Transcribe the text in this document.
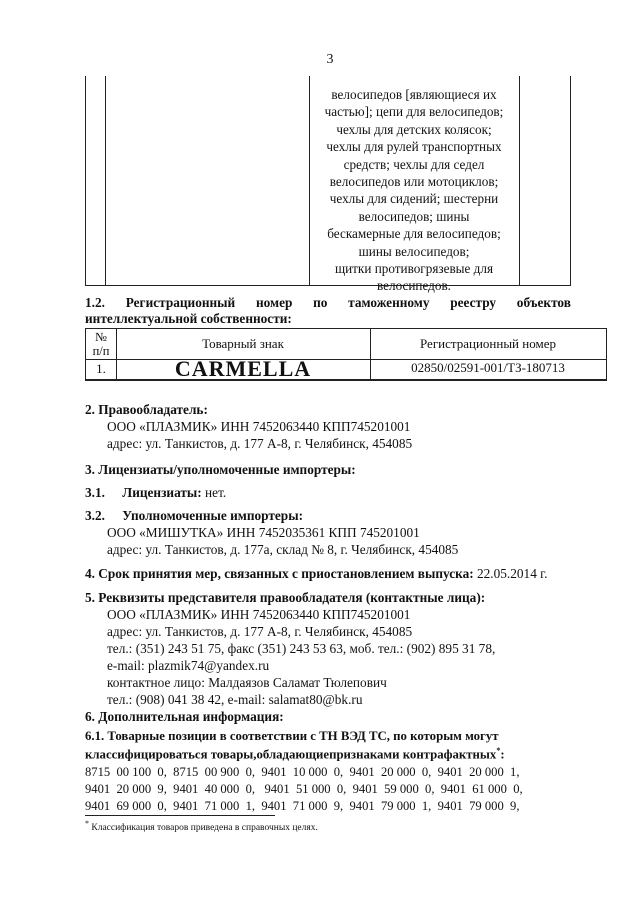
3
велосипедов [являющиеся их
частью]; цепи для велосипедов;
чехлы для детских колясок;
чехлы для рулей транспортных
средств; чехлы для седел
велосипедов или мотоциклов;
чехлы для сидений; шестерни
велосипедов; шины
бескамерные для велосипедов;
шины велосипедов;
щитки противогрязевые для
велосипедов.
1.2. Регистрационный номер по таможенному реестру объектов
интеллектуальной собственности:
№
п/п	Товарный знак	Регистрационный номер
1.	CARMELLA	02850/02591-001/ТЗ-180713
2. Правообладатель:
ООО «ПЛАЗМИК» ИНН 7452063440 КПП745201001
адрес: ул. Танкистов, д. 177 А-8, г. Челябинск, 454085
3. Лицензиаты/уполномоченные импортеры:
3.1. Лицензиаты: нет.
3.2. Уполномоченные импортеры:
ООО «МИШУТКА» ИНН 7452035361 КПП 745201001
адрес: ул. Танкистов, д. 177а, склад № 8, г. Челябинск, 454085
4. Срок принятия мер, связанных с приостановлением выпуска: 22.05.2014 г.
5. Реквизиты представителя правообладателя (контактные лица):
ООО «ПЛАЗМИК» ИНН 7452063440 КПП745201001
адрес: ул. Танкистов, д. 177 А-8, г. Челябинск, 454085
тел.: (351) 243 51 75, факс (351) 243 53 63, моб. тел.: (902) 895 31 78,
e-mail: plazmik74@yandex.ru
контактное лицо: Малдаязов Саламат Тюлепович
тел.: (908) 041 38 42, e-mail: salamat80@bk.ru
6. Дополнительная информация:
6.1. Товарные позиции в соответствии с ТН ВЭД ТС, по которым могут
классифицироваться товары,обладающиепризнаками контрафактных*:
8715  00 100  0,  8715  00 900  0,  9401  10 000  0,  9401  20 000  0,  9401  20 000  1,
9401  20 000  9,  9401  40 000  0,   9401  51 000  0,  9401  59 000  0,  9401  61 000  0,
9401  69 000  0,  9401  71 000  1,  9401  71 000  9,  9401  79 000  1,  9401  79 000  9,
* Классификация товаров приведена в справочных целях.
